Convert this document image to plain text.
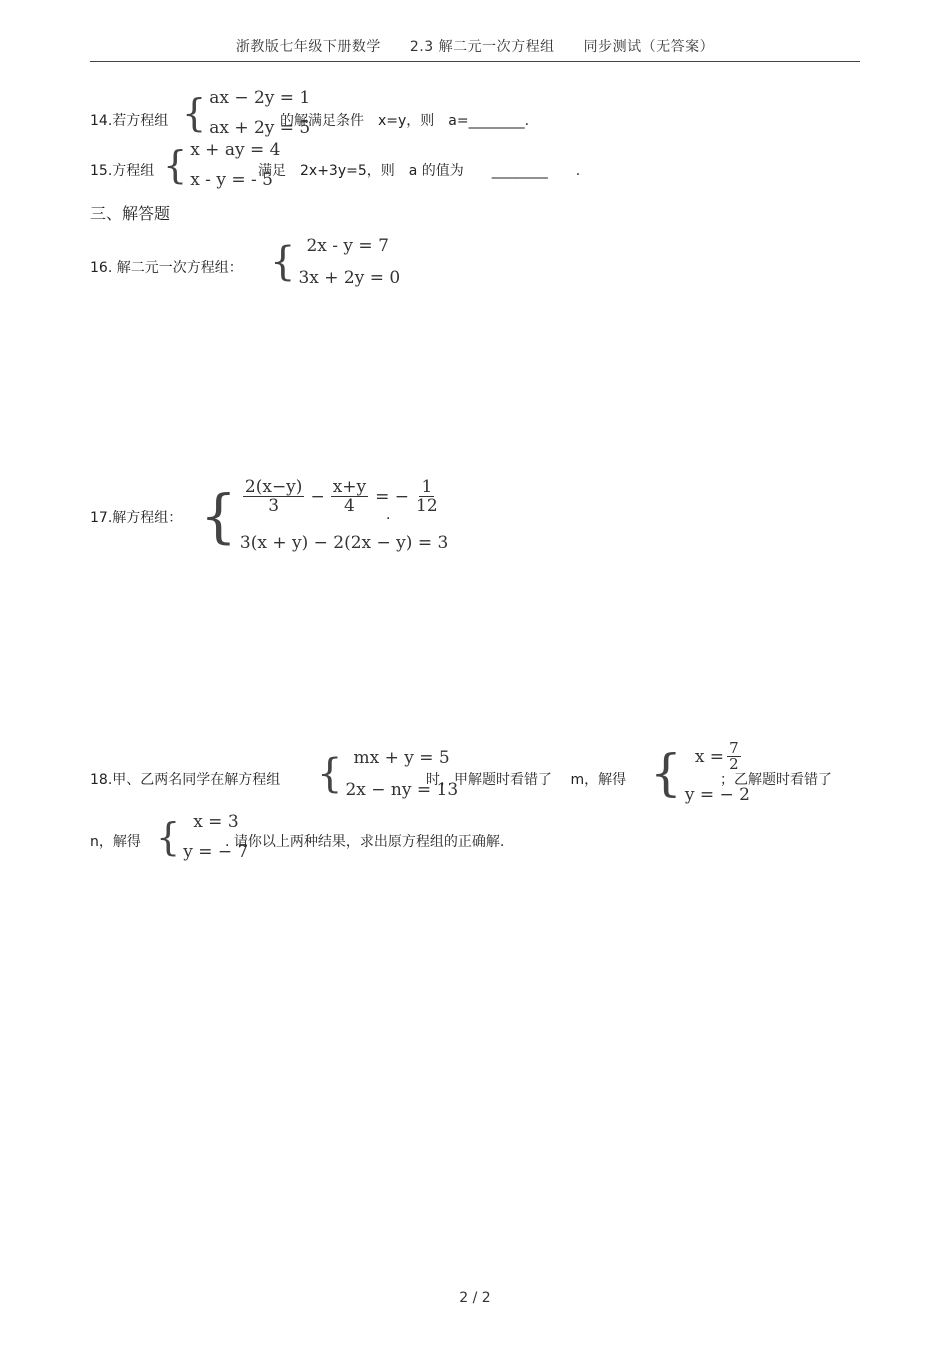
浙教版七年级下册数学　　2.3 解二元一次方程组　　同步测试（无答案）
14.若方程组 { ax − 2y = 1
ax + 2y = 5
的解满足条件　x=y，则　a=________.
15.方程组 { x + ay = 4
x - y = - 5
满足　2x+3y=5，则　a 的值为　　________　　.
三、解答题
16. 解二元一次方程组： { 2x - y = 7
3x + 2y = 0
17.解方程组： { $\frac{2(x-y)}{3} - \frac{x+y}{4}$ = − $\frac{1}{12}$
3(x + y) − 2(2x − y) = 3
.
18.甲、乙两名同学在解方程组 { mx + y = 5
2x − ny = 13
时，甲解题时看错了　 m，解得 { $x = \frac{7}{2}$
y = − 2
；乙解题时看错了
n，解得 { x = 3
y = − 7
. 请你以上两种结果，求出原方程组的正确解.
2 / 2
